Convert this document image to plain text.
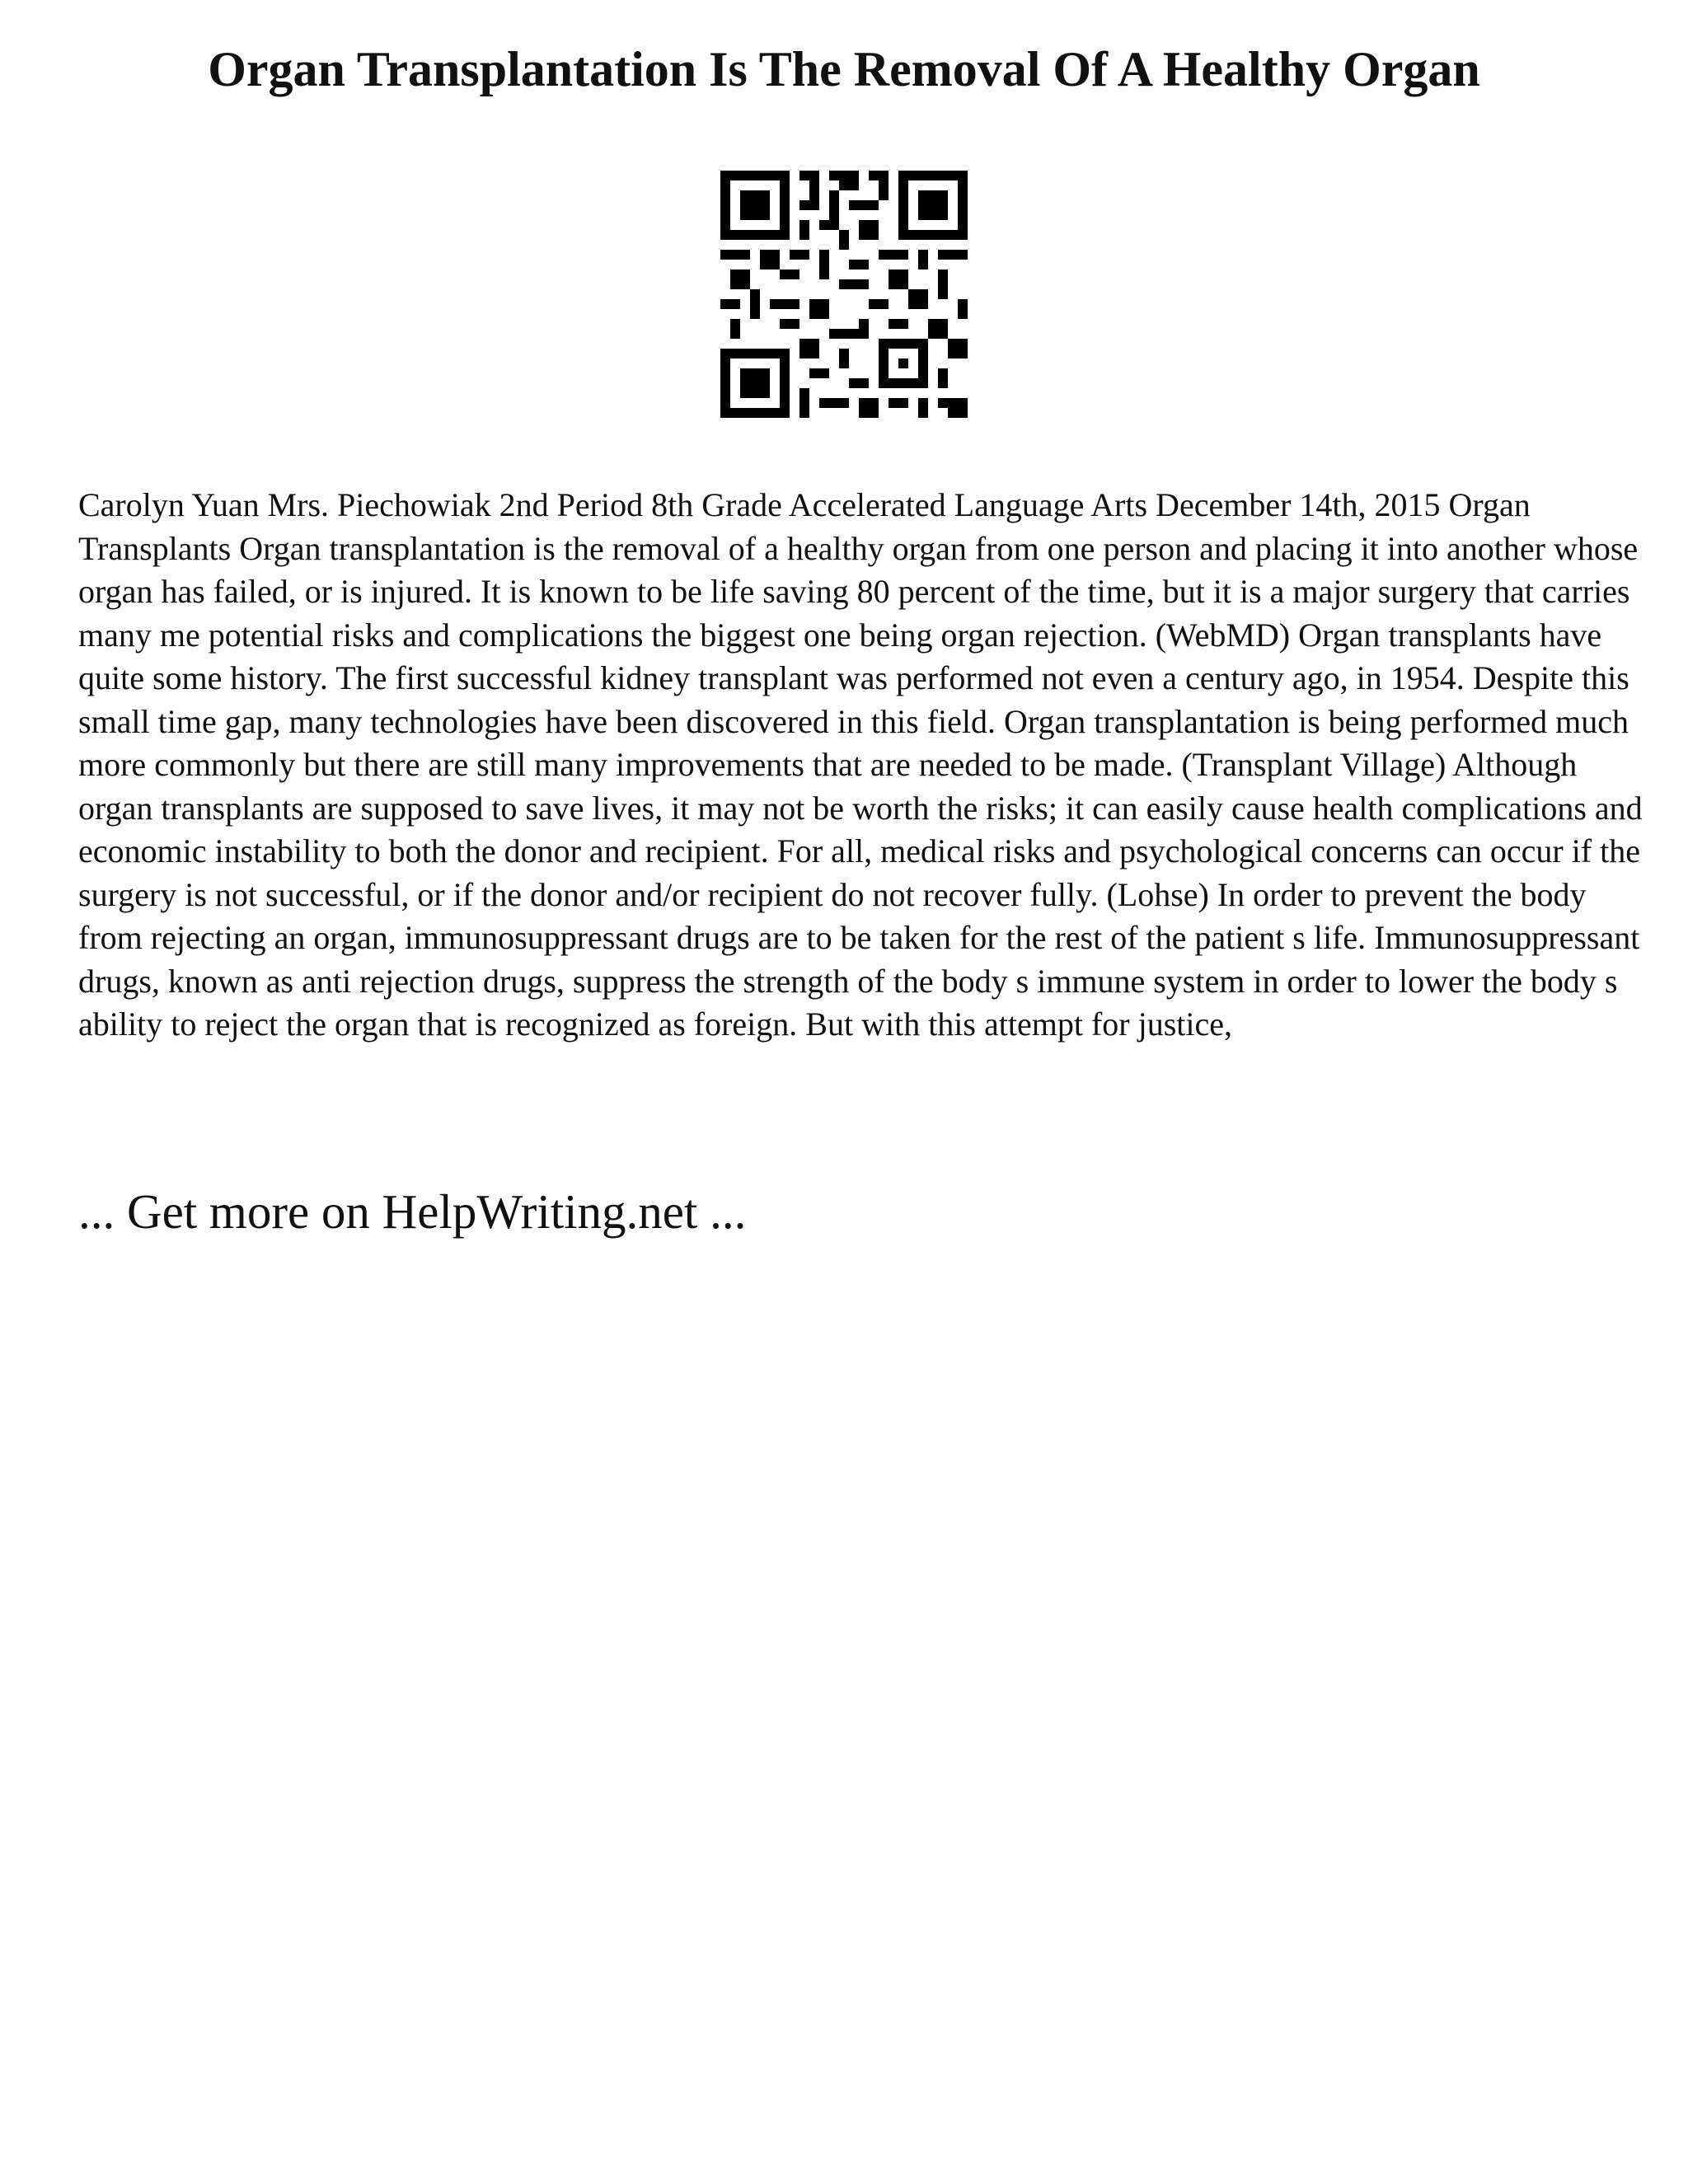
Organ Transplantation Is The Removal Of A Healthy Organ

Carolyn Yuan Mrs. Piechowiak 2nd Period 8th Grade Accelerated Language Arts December 14th, 2015 Organ Transplants Organ transplantation is the removal of a healthy organ from one person and placing it into another whose organ has failed, or is injured. It is known to be life saving 80 percent of the time, but it is a major surgery that carries many me potential risks and complications the biggest one being organ rejection. (WebMD) Organ transplants have quite some history. The first successful kidney transplant was performed not even a century ago, in 1954. Despite this small time gap, many technologies have been discovered in this field. Organ transplantation is being performed much more commonly but there are still many improvements that are needed to be made. (Transplant Village) Although organ transplants are supposed to save lives, it may not be worth the risks; it can easily cause health complications and economic instability to both the donor and recipient. For all, medical risks and psychological concerns can occur if the surgery is not successful, or if the donor and/or recipient do not recover fully. (Lohse) In order to prevent the body from rejecting an organ, immunosuppressant drugs are to be taken for the rest of the patient s life. Immunosuppressant drugs, known as anti rejection drugs, suppress the strength of the body s immune system in order to lower the body s ability to reject the organ that is recognized as foreign. But with this attempt for justice,

... Get more on HelpWriting.net ...
